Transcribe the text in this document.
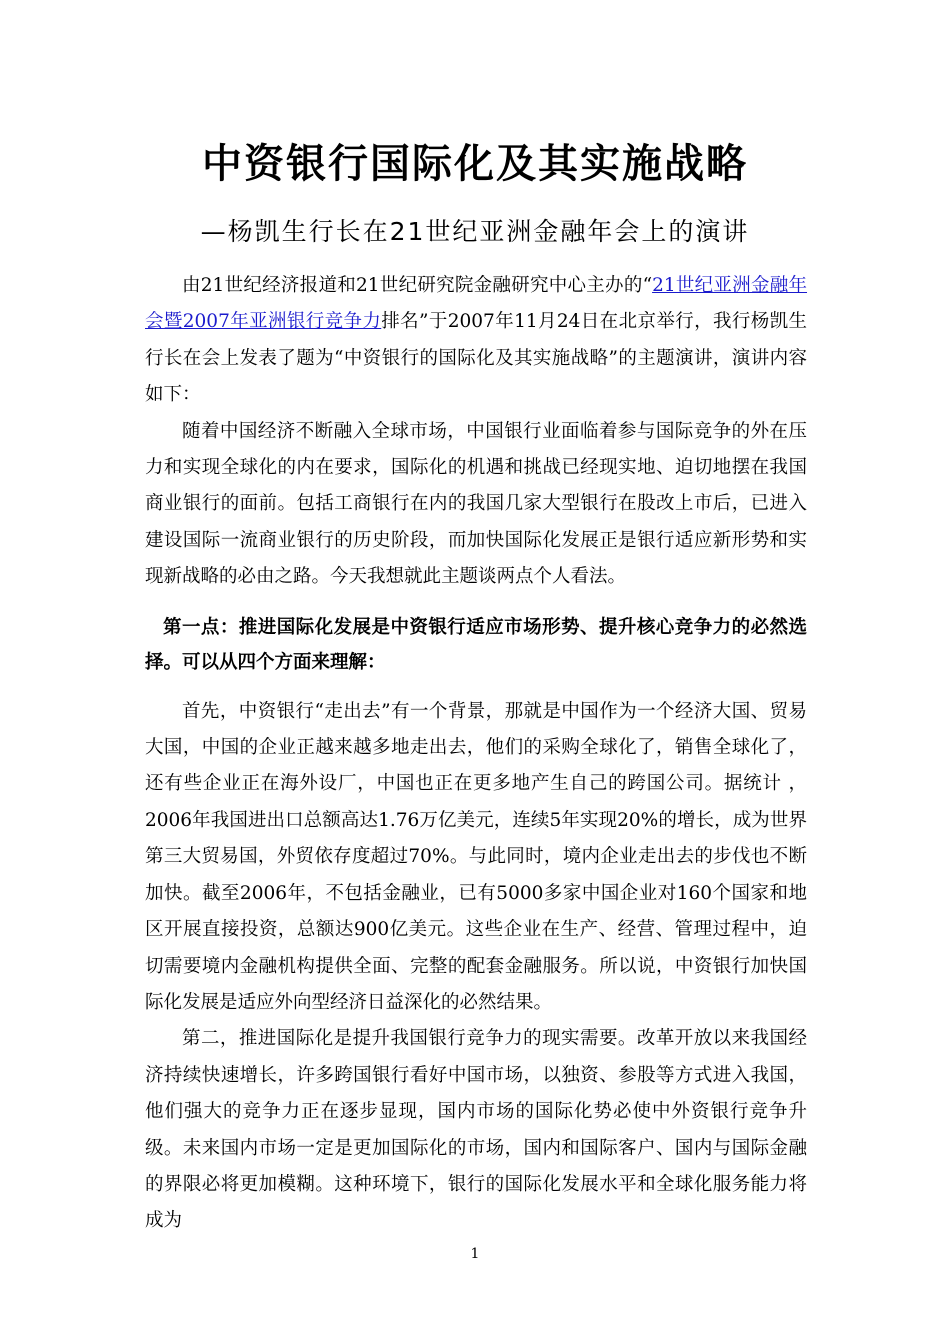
中资银行国际化及其实施战略
—杨凯生行长在21世纪亚洲金融年会上的演讲

由21世纪经济报道和21世纪研究院金融研究中心主办的“21世纪亚洲金融年会暨2007年亚洲银行竞争力排名”于2007年11月24日在北京举行，我行杨凯生行长在会上发表了题为“中资银行的国际化及其实施战略”的主题演讲，演讲内容如下：

随着中国经济不断融入全球市场，中国银行业面临着参与国际竞争的外在压力和实现全球化的内在要求，国际化的机遇和挑战已经现实地、迫切地摆在我国商业银行的面前。包括工商银行在内的我国几家大型银行在股改上市后，已进入建设国际一流商业银行的历史阶段，而加快国际化发展正是银行适应新形势和实现新战略的必由之路。今天我想就此主题谈两点个人看法。

第一点：推进国际化发展是中资银行适应市场形势、提升核心竞争力的必然选择。可以从四个方面来理解：

首先，中资银行“走出去”有一个背景，那就是中国作为一个经济大国、贸易大国，中国的企业正越来越多地走出去，他们的采购全球化了，销售全球化了，还有些企业正在海外设厂，中国也正在更多地产生自己的跨国公司。据统计 ，2006年我国进出口总额高达1.76万亿美元，连续5年实现20%的增长，成为世界第三大贸易国，外贸依存度超过70%。与此同时，境内企业走出去的步伐也不断加快。截至2006年，不包括金融业，已有5000多家中国企业对160个国家和地区开展直接投资，总额达900亿美元。这些企业在生产、经营、管理过程中，迫切需要境内金融机构提供全面、完整的配套金融服务。所以说，中资银行加快国际化发展是适应外向型经济日益深化的必然结果。

第二，推进国际化是提升我国银行竞争力的现实需要。改革开放以来我国经济持续快速增长，许多跨国银行看好中国市场，以独资、参股等方式进入我国，他们强大的竞争力正在逐步显现，国内市场的国际化势必使中外资银行竞争升级。未来国内市场一定是更加国际化的市场，国内和国际客户、国内与国际金融的界限必将更加模糊。这种环境下，银行的国际化发展水平和全球化服务能力将成为

1
